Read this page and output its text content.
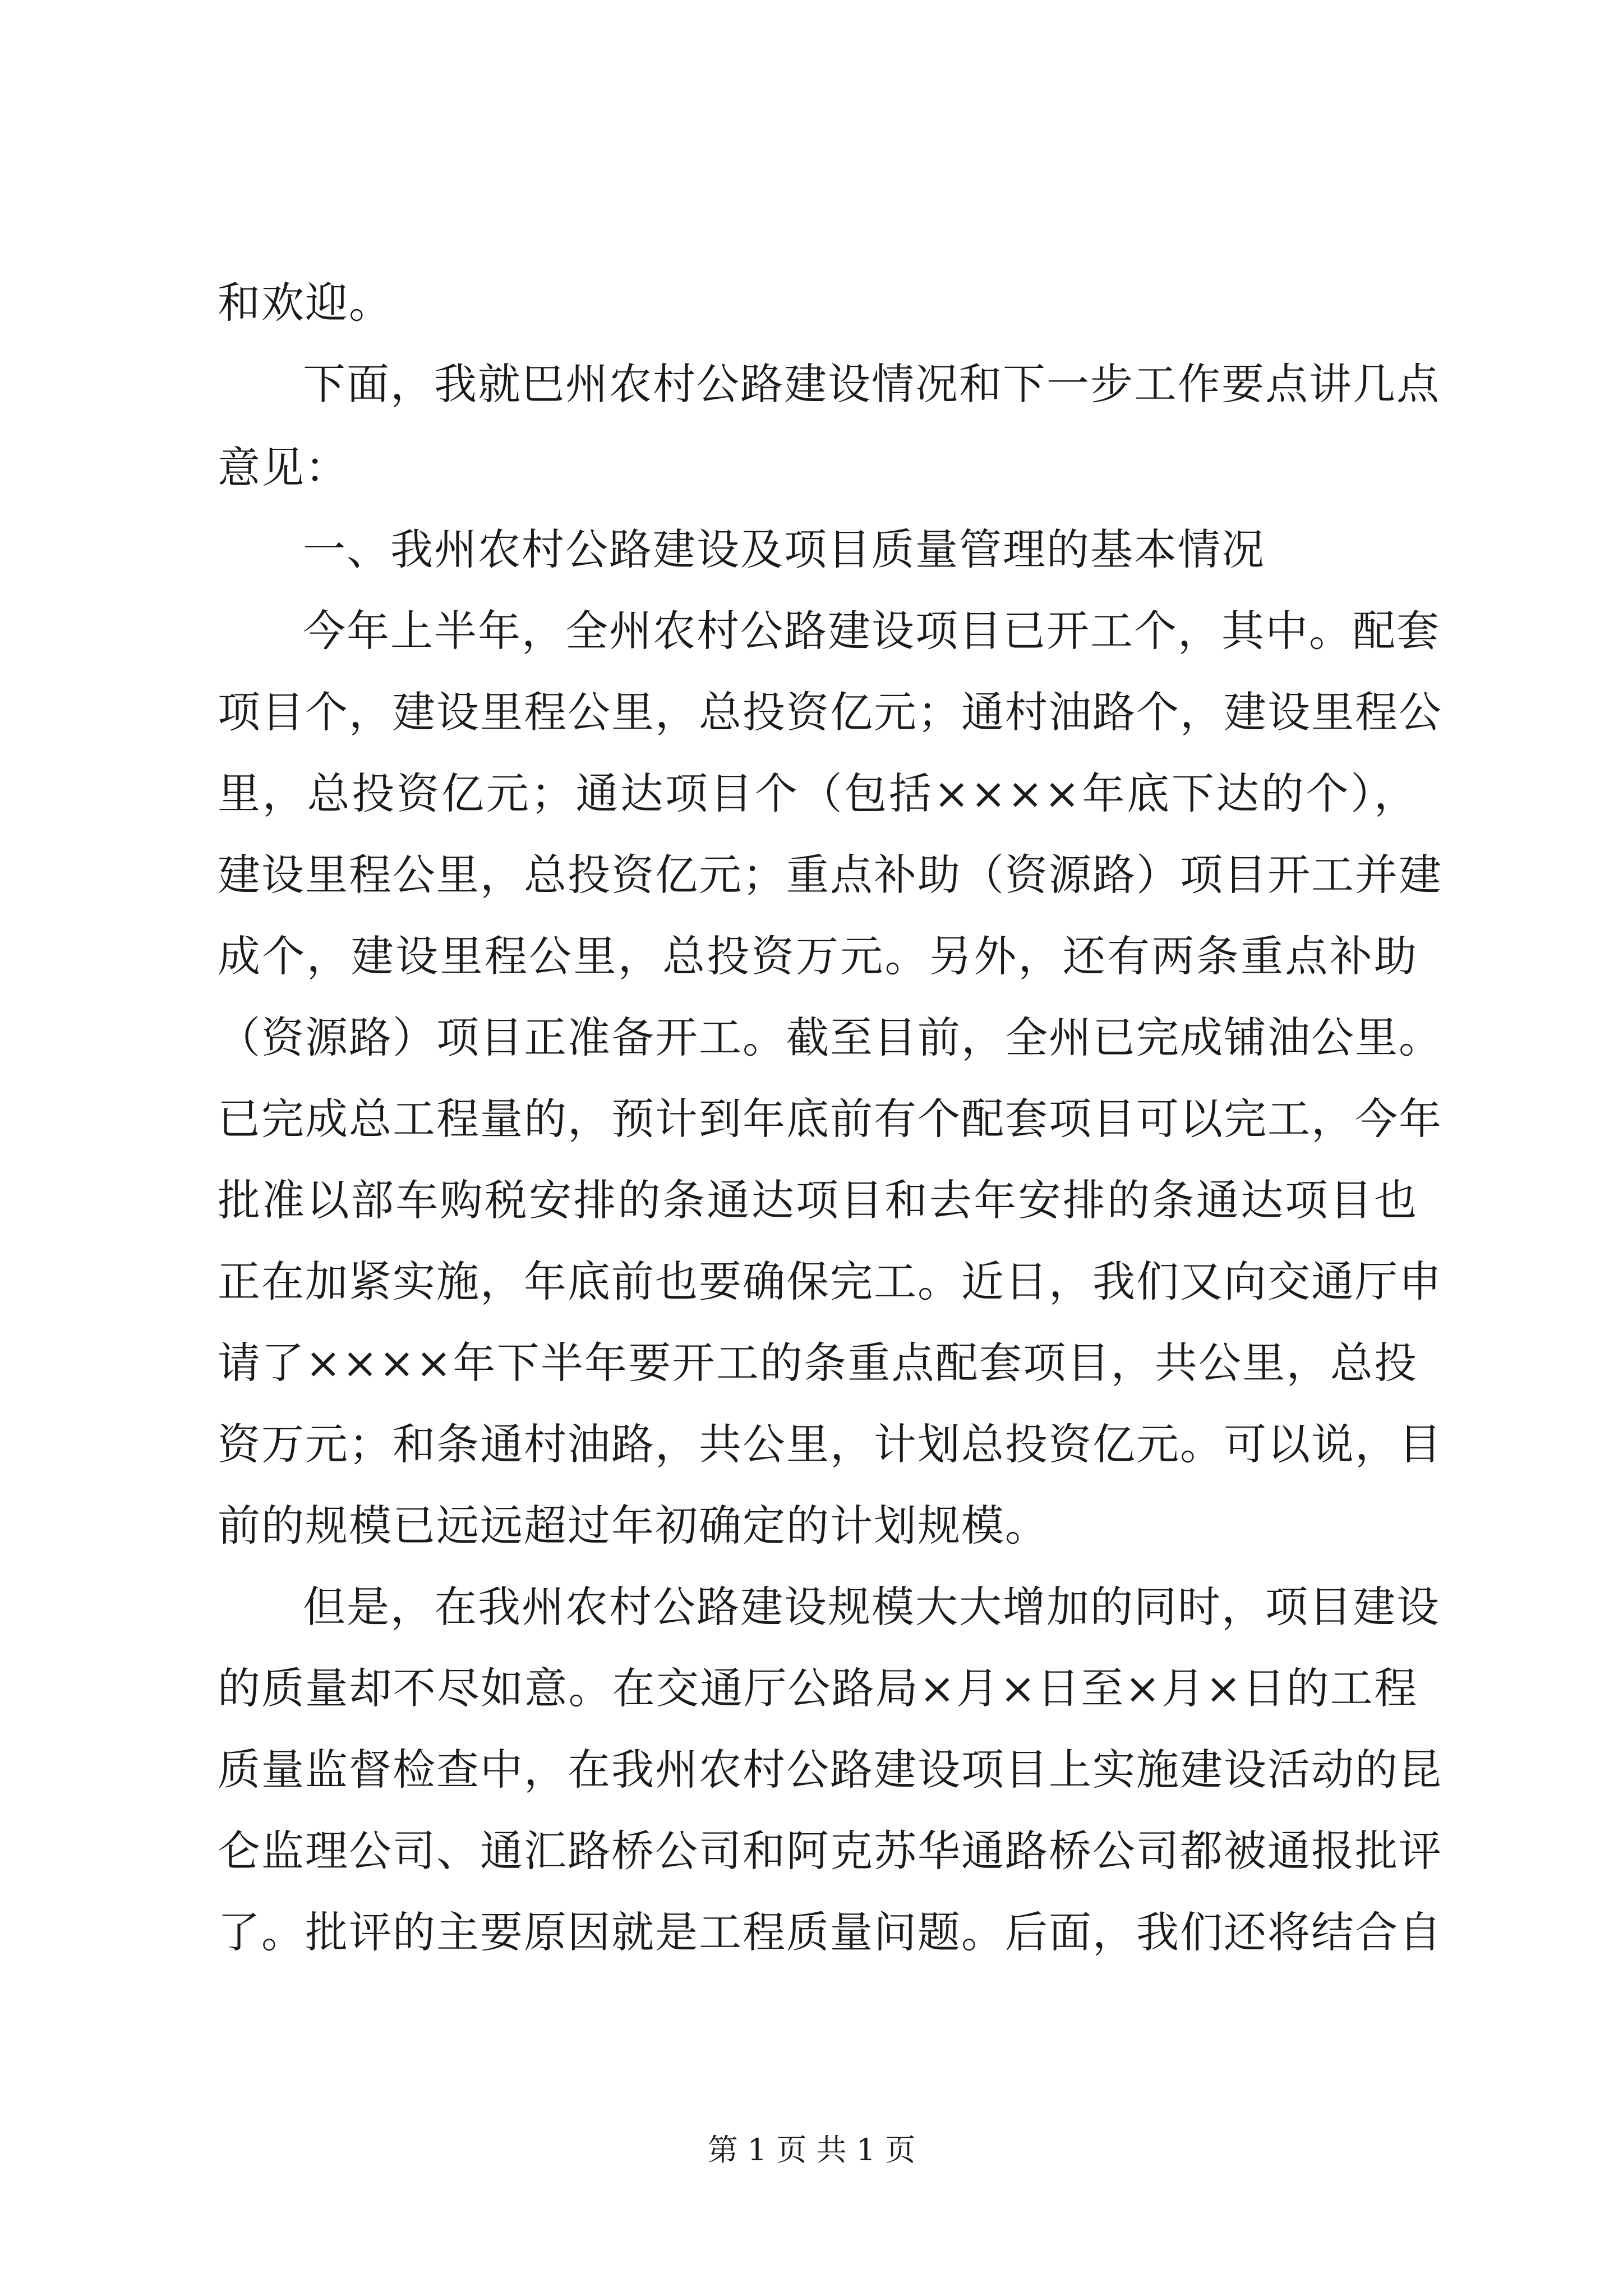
和欢迎。
下面，我就巴州农村公路建设情况和下一步工作要点讲几点
意见：
一、我州农村公路建设及项目质量管理的基本情况
今年上半年，全州农村公路建设项目已开工个，其中。配套
项目个，建设里程公里，总投资亿元；通村油路个，建设里程公
里，总投资亿元；通达项目个（包括××××年底下达的个），
建设里程公里，总投资亿元；重点补助（资源路）项目开工并建
成个，建设里程公里，总投资万元。另外，还有两条重点补助
（资源路）项目正准备开工。截至目前，全州已完成铺油公里。
已完成总工程量的，预计到年底前有个配套项目可以完工，今年
批准以部车购税安排的条通达项目和去年安排的条通达项目也
正在加紧实施，年底前也要确保完工。近日，我们又向交通厅申
请了××××年下半年要开工的条重点配套项目，共公里，总投
资万元；和条通村油路，共公里，计划总投资亿元。可以说，目
前的规模已远远超过年初确定的计划规模。
但是，在我州农村公路建设规模大大增加的同时，项目建设
的质量却不尽如意。在交通厅公路局×月×日至×月×日的工程
质量监督检查中，在我州农村公路建设项目上实施建设活动的昆
仑监理公司、通汇路桥公司和阿克苏华通路桥公司都被通报批评
了。批评的主要原因就是工程质量问题。后面，我们还将结合自
第 1 页 共 1 页
